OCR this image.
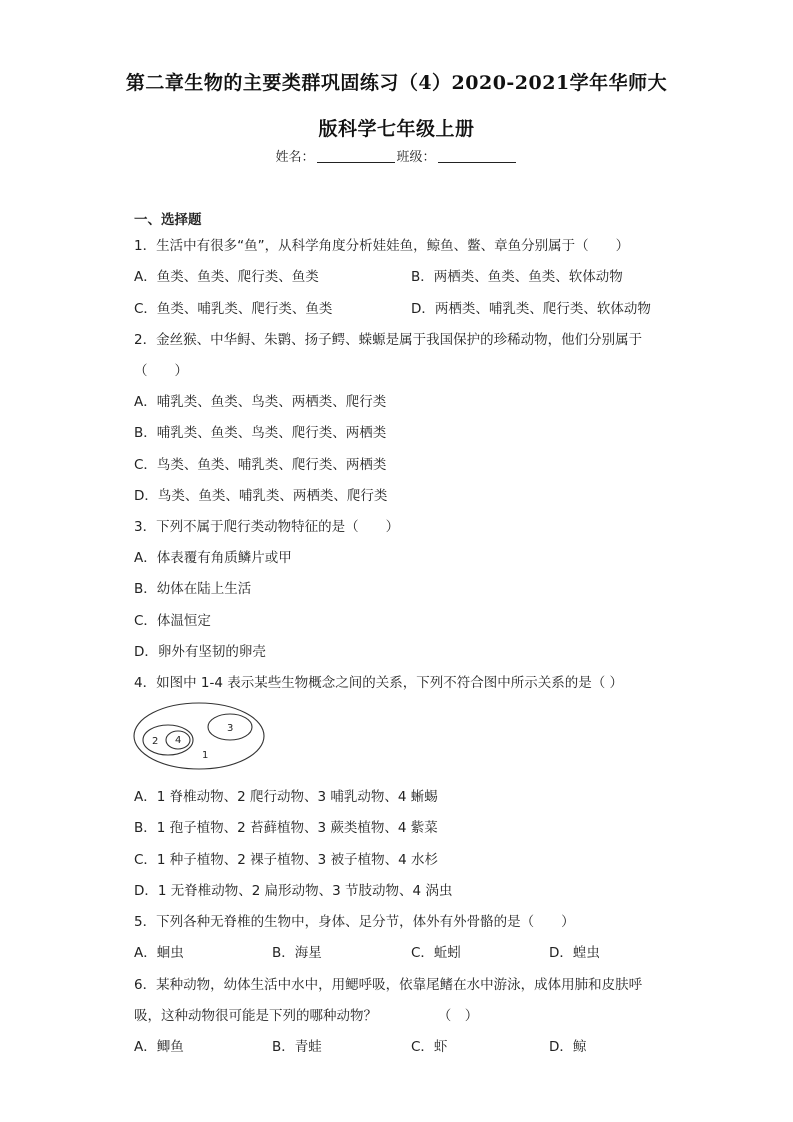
第二章生物的主要类群巩固练习（4）2020-2021学年华师大
版科学七年级上册
姓名：	班级：
一、选择题
1．生活中有很多“鱼”，从科学角度分析娃娃鱼，鲸鱼、鳖、章鱼分别属于（　　）
A．鱼类、鱼类、爬行类、鱼类	B．两栖类、鱼类、鱼类、软体动物
C．鱼类、哺乳类、爬行类、鱼类	D．两栖类、哺乳类、爬行类、软体动物
2．金丝猴、中华鲟、朱鹮、扬子鳄、蝾螈是属于我国保护的珍稀动物，他们分别属于
（　　）
A．哺乳类、鱼类、鸟类、两栖类、爬行类
B．哺乳类、鱼类、鸟类、爬行类、两栖类
C．鸟类、鱼类、哺乳类、爬行类、两栖类
D．鸟类、鱼类、哺乳类、两栖类、爬行类
3．下列不属于爬行类动物特征的是（　　）
A．体表覆有角质鳞片或甲
B．幼体在陆上生活
C．体温恒定
D．卵外有坚韧的卵壳
4．如图中 1-4 表示某些生物概念之间的关系，下列不符合图中所示关系的是（ ）
2 4
3
1
A．1 脊椎动物、2 爬行动物、3 哺乳动物、4 蜥蜴
B．1 孢子植物、2 苔藓植物、3 蕨类植物、4 紫菜
C．1 种子植物、2 裸子植物、3 被子植物、4 水杉
D．1 无脊椎动物、2 扁形动物、3 节肢动物、4 涡虫
5．下列各种无脊椎的生物中，身体、足分节，体外有外骨骼的是（　　）
A．蛔虫	B．海星	C．蚯蚓	D．蝗虫
6．某种动物，幼体生活中水中，用鳃呼吸，依靠尾鳍在水中游泳，成体用肺和皮肤呼
吸，这种动物很可能是下列的哪种动物？　　　　　（　）
A．鲫鱼	B．青蛙	C．虾	D．鲸
